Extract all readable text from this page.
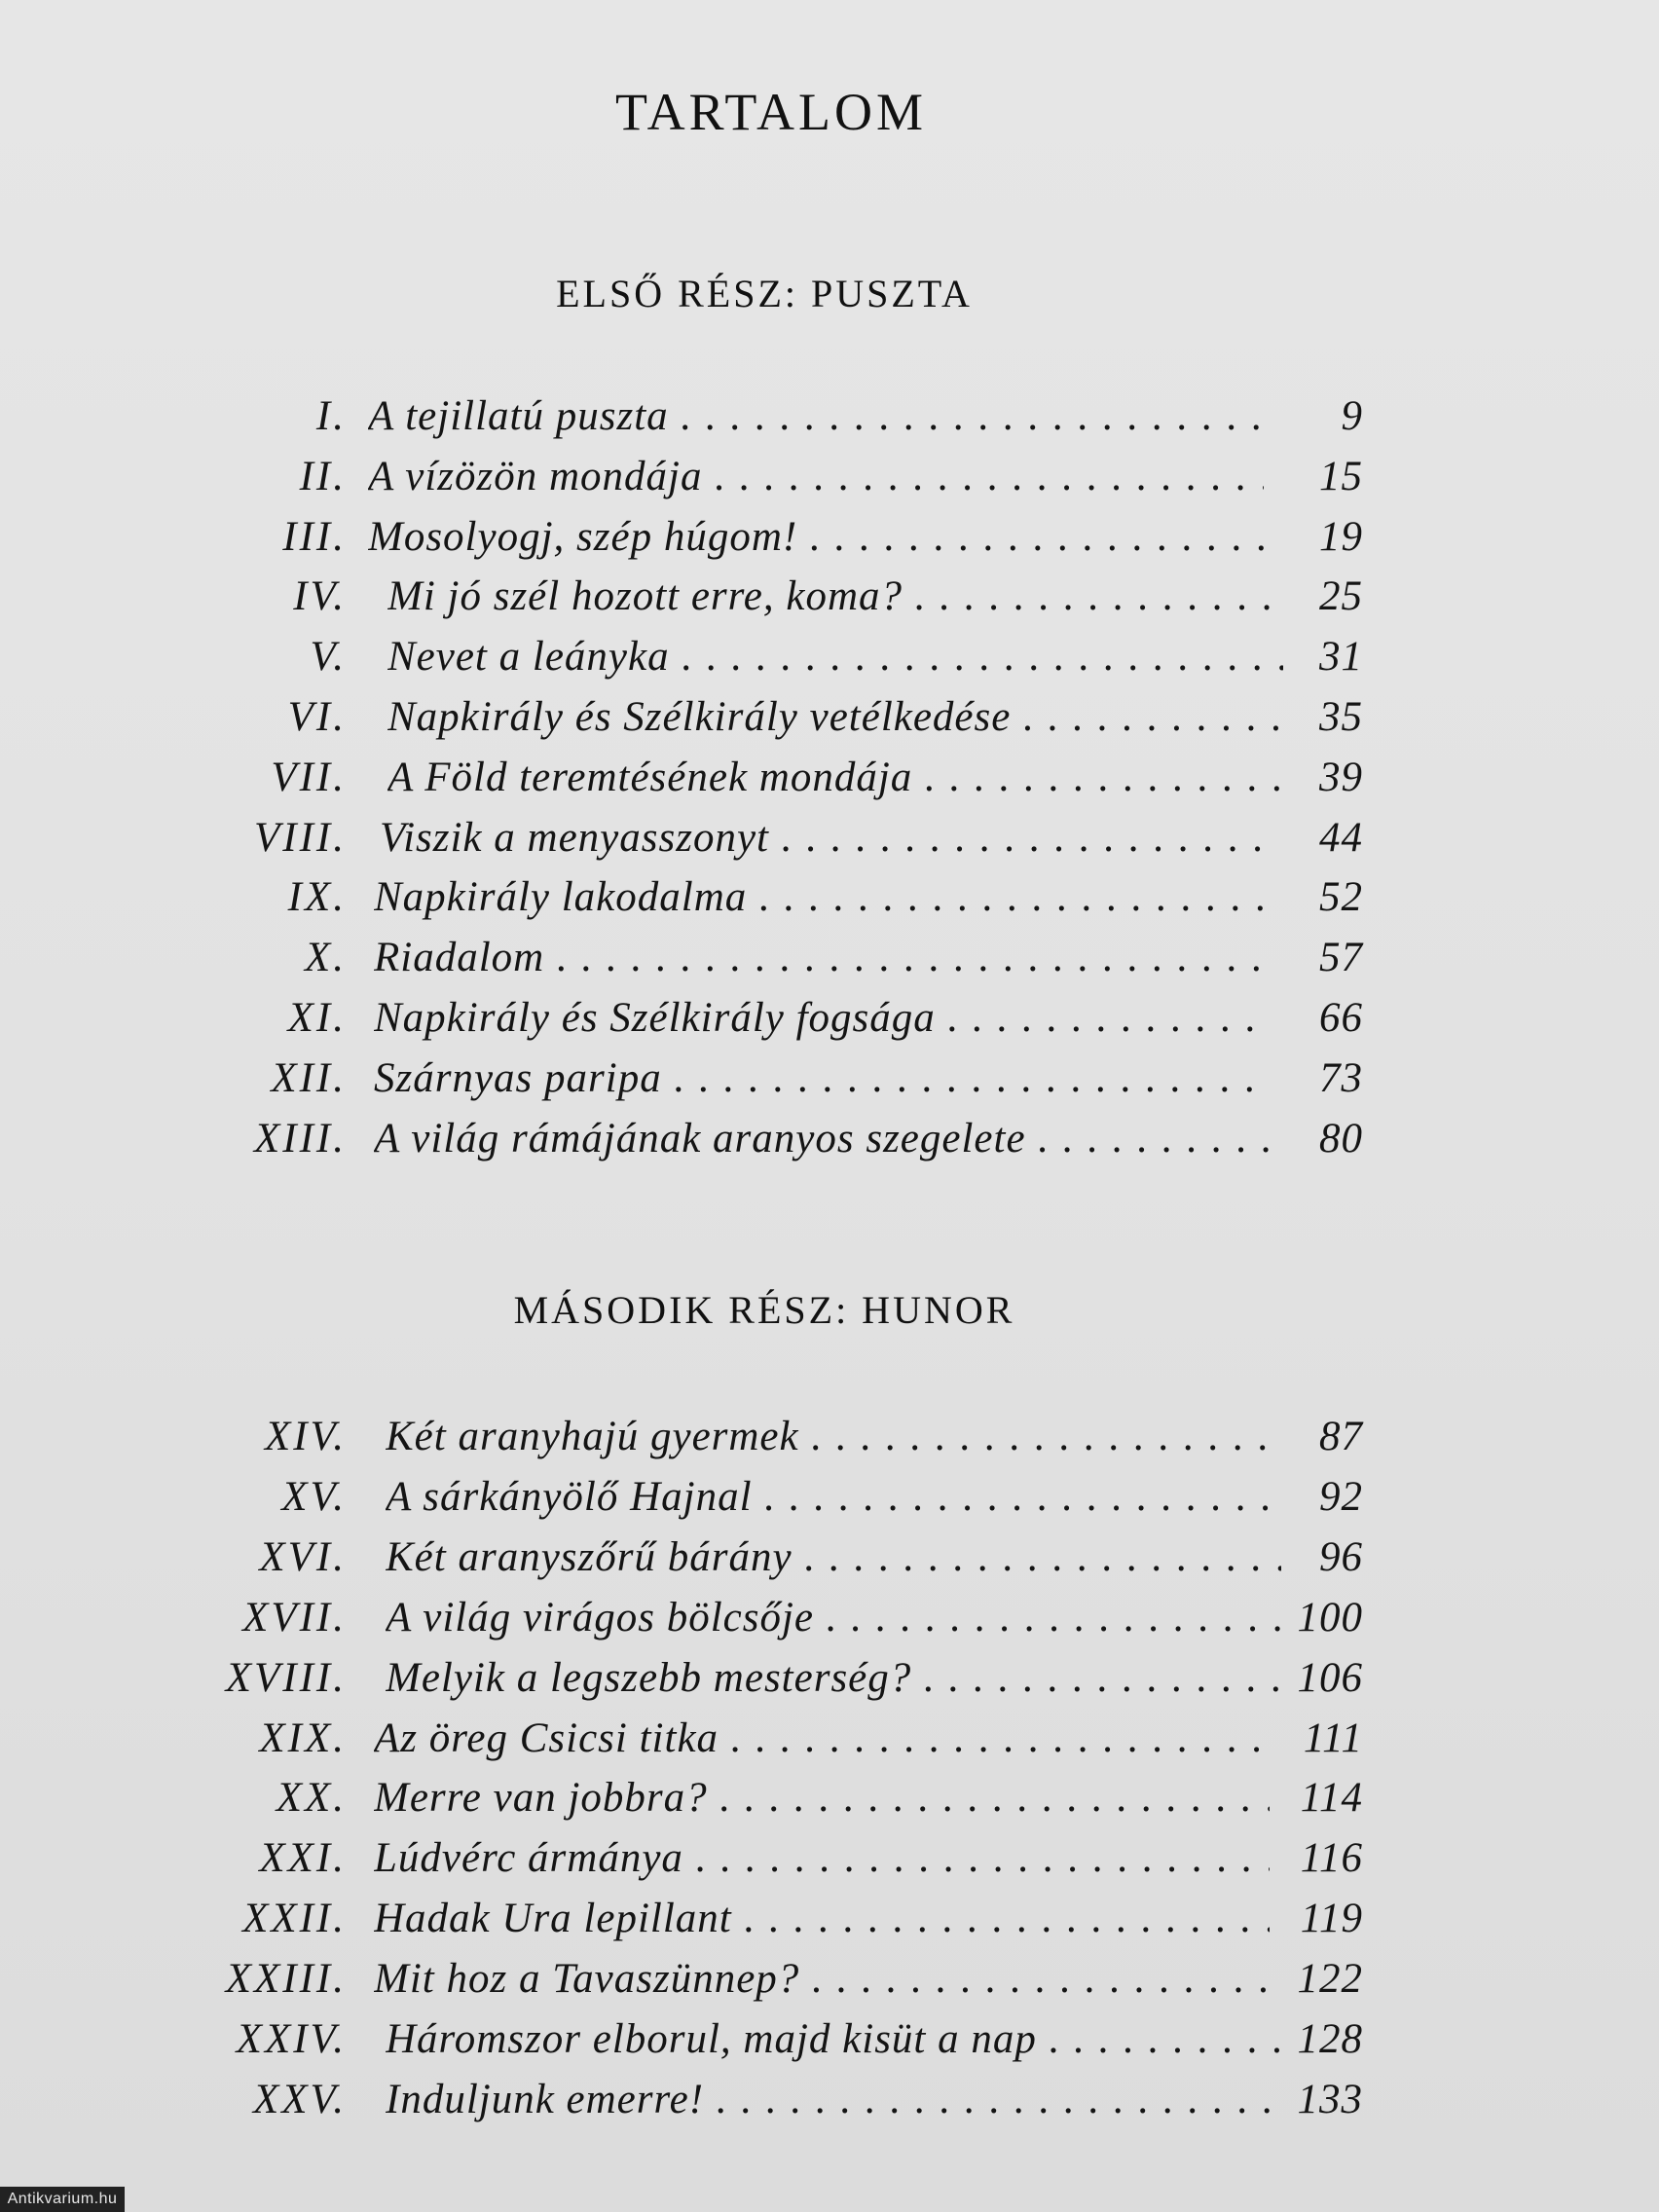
TARTALOM
ELSŐ RÉSZ: PUSZTA
I. A tejillatú puszta . . .	9
II. A vízözön mondája . . .	15
III. Mosolyogj, szép húgom! . . .	19
IV. Mi jó szél hozott erre, koma? . . .	25
V. Nevet a leányka . . .	31
VI. Napkirály és Szélkirály vetélkedése . . .	35
VII. A Föld teremtésének mondája . . .	39
VIII. Viszik a menyasszonyt . . .	44
IX. Napkirály lakodalma . . .	52
X. Riadalom . . .	57
XI. Napkirály és Szélkirály fogsága . . .	66
XII. Szárnyas paripa . . .	73
XIII. A világ rámájának aranyos szegelete . . .	80
MÁSODIK RÉSZ: HUNOR
XIV. Két aranyhajú gyermek . . .	87
XV. A sárkányölő Hajnal . . .	92
XVI. Két aranyszőrű bárány . . .	96
XVII. A világ virágos bölcsője . . .	100
XVIII. Melyik a legszebb mesterség? . . .	106
XIX. Az öreg Csicsi titka . . .	111
XX. Merre van jobbra? . . .	114
XXI. Lúdvérc ármánya . . .	116
XXII. Hadak Ura lepillant . . .	119
XXIII. Mit hoz a Tavaszünnep? . . .	122
XXIV. Háromszor elborul, majd kisüt a nap . . .	128
XXV. Induljunk emerre! . . .	133
Antikvarium.hu
